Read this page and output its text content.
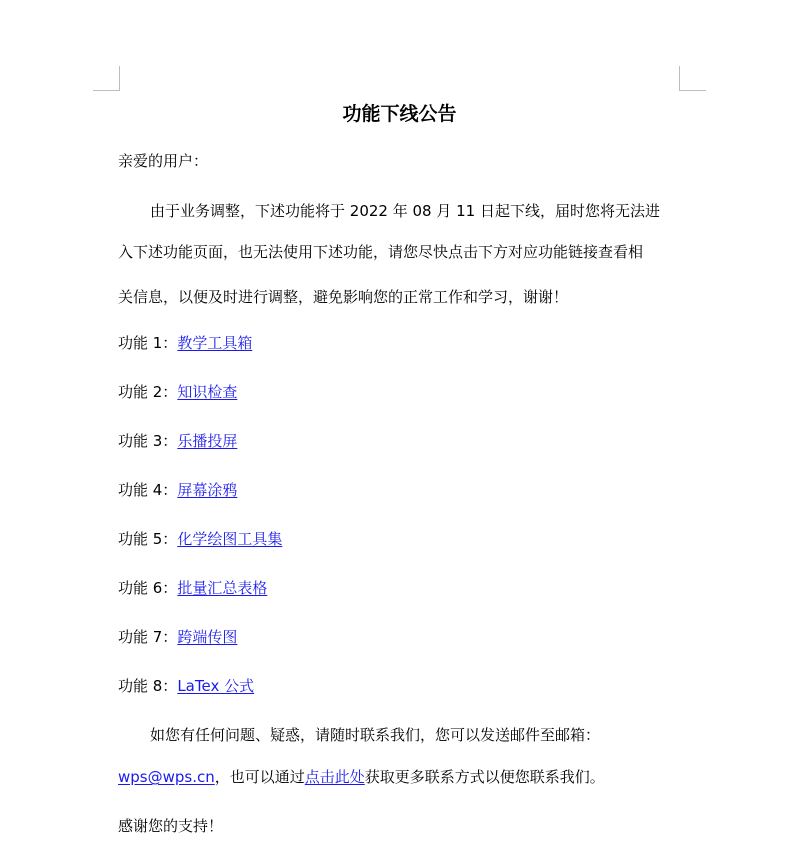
功能下线公告

亲爱的用户：

由于业务调整，下述功能将于 2022 年 08 月 11 日起下线，届时您将无法进

入下述功能页面，也无法使用下述功能，请您尽快点击下方对应功能链接查看相

关信息，以便及时进行调整，避免影响您的正常工作和学习，谢谢！

功能 1：教学工具箱

功能 2：知识检查

功能 3：乐播投屏

功能 4：屏幕涂鸦

功能 5：化学绘图工具集

功能 6：批量汇总表格

功能 7：跨端传图

功能 8：LaTex 公式

如您有任何问题、疑惑，请随时联系我们，您可以发送邮件至邮箱：

wps@wps.cn，也可以通过点击此处获取更多联系方式以便您联系我们。

感谢您的支持！
